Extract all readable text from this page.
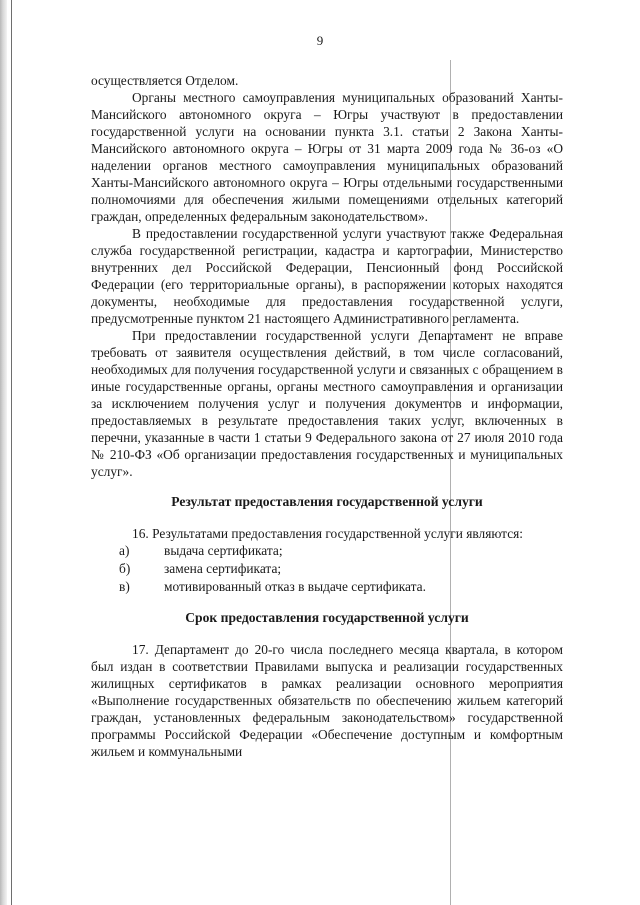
9

осуществляется Отделом.

Органы местного самоуправления муниципальных образований Ханты-Мансийского автономного округа – Югры участвуют в предоставлении государственной услуги на основании пункта 3.1. статьи 2 Закона Ханты-Мансийского автономного округа – Югры от 31 марта 2009 года № 36-оз «О наделении органов местного самоуправления муниципальных образований Ханты-Мансийского автономного округа – Югры отдельными государственными полномочиями для обеспечения жилыми помещениями отдельных категорий граждан, определенных федеральным законодательством».

В предоставлении государственной услуги участвуют также Федеральная служба государственной регистрации, кадастра и картографии, Министерство внутренних дел Российской Федерации, Пенсионный фонд Российской Федерации (его территориальные органы), в распоряжении которых находятся документы, необходимые для предоставления государственной услуги, предусмотренные пунктом 21 настоящего Административного регламента.

При предоставлении государственной услуги Департамент не вправе требовать от заявителя осуществления действий, в том числе согласований, необходимых для получения государственной услуги и связанных с обращением в иные государственные органы, органы местного самоуправления и организации за исключением получения услуг и получения документов и информации, предоставляемых в результате предоставления таких услуг, включенных в перечни, указанные в части 1 статьи 9 Федерального закона от 27 июля 2010 года № 210-ФЗ «Об организации предоставления государственных и муниципальных услуг».

Результат предоставления государственной услуги

16. Результатами предоставления государственной услуги являются:

а)	выдача сертификата;
б)	замена сертификата;
в)	мотивированный отказ в выдаче сертификата.
Срок предоставления государственной услуги

17. Департамент до 20-го числа последнего месяца квартала, в котором был издан в соответствии Правилами выпуска и реализации государственных жилищных сертификатов в рамках реализации основного мероприятия «Выполнение государственных обязательств по обеспечению жильем категорий граждан, установленных федеральным законодательством» государственной программы Российской Федерации «Обеспечение доступным и комфортным жильем и коммунальными
